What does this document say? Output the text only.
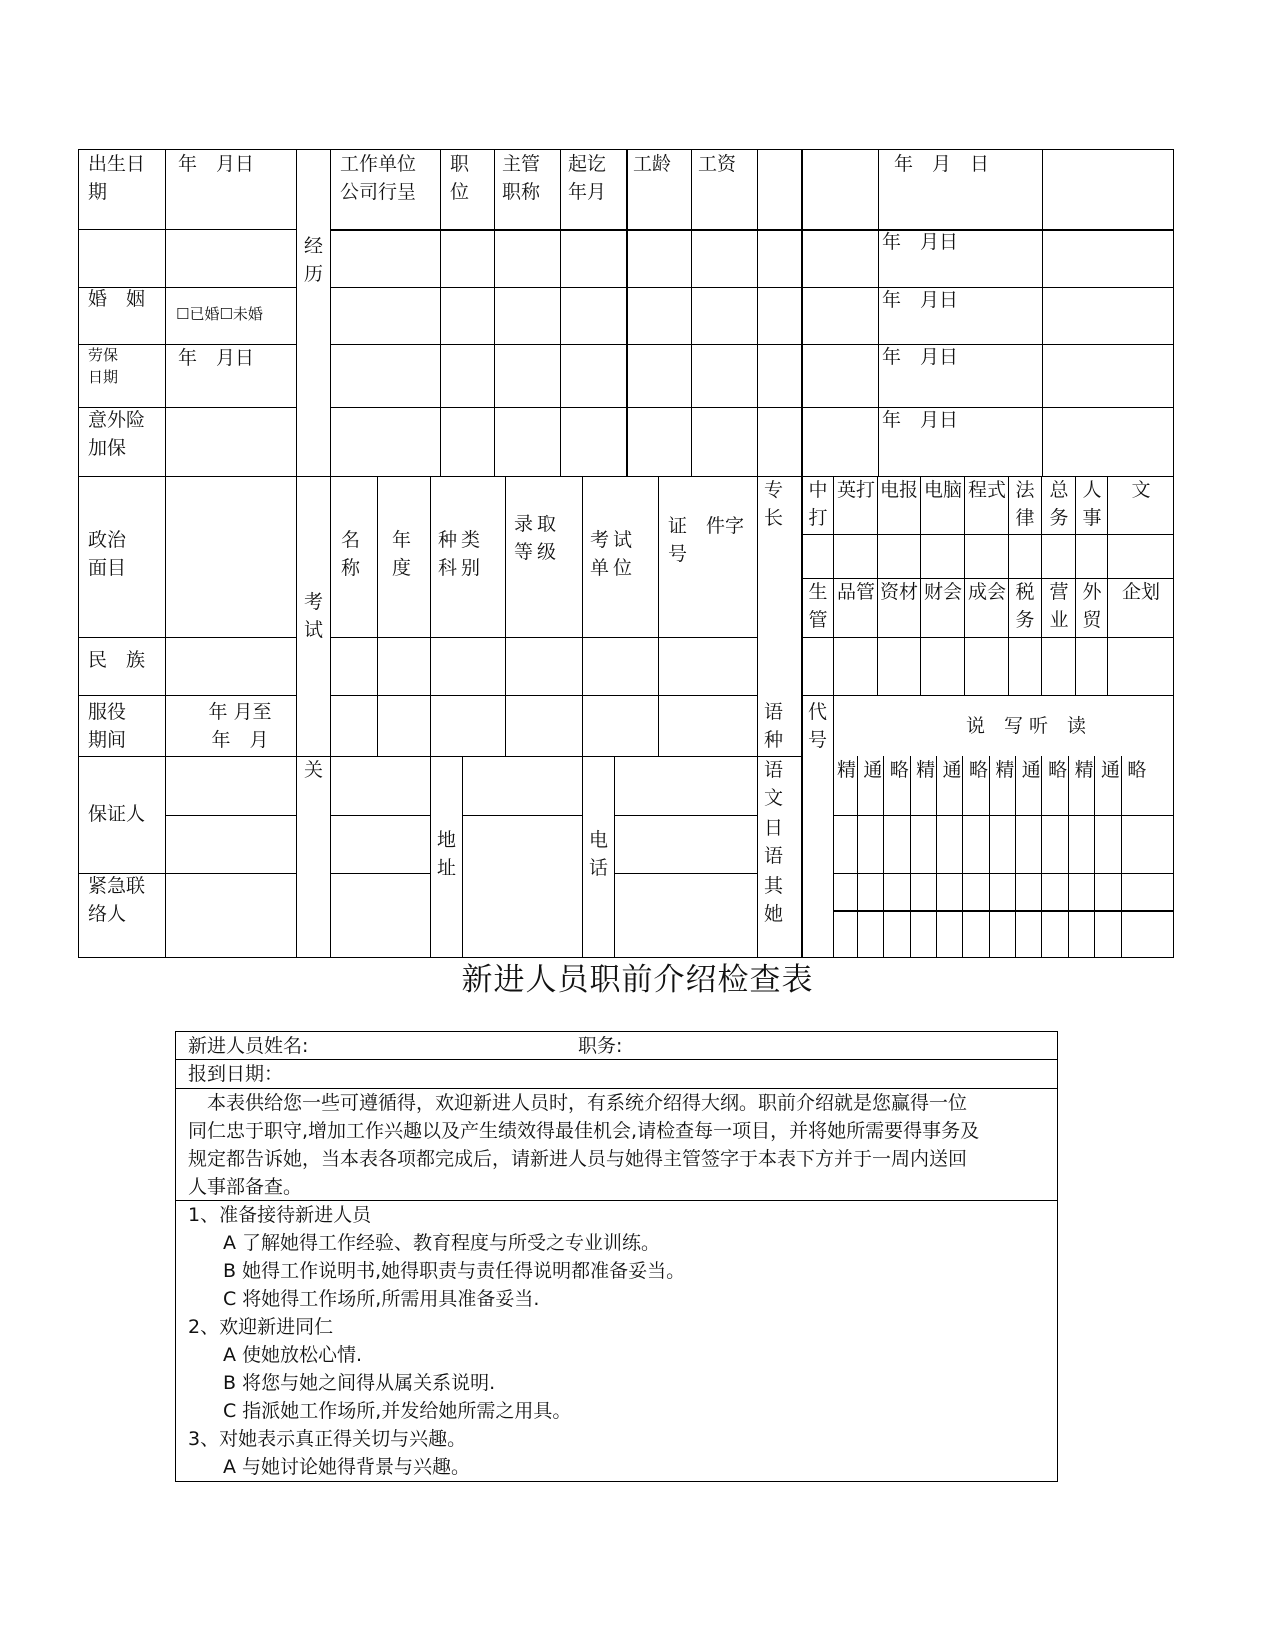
出生日期
年　月日
经历
工作单位公司行呈
职位
主管职称
起讫年月
工龄 工资	年　月　日
年　月日
年　月日
年　月日
年　月日
婚　姻
☐已婚☐未婚
劳保日期
年　月日
意外险加保
政治面目
考试
名称
年度
种类科别
录取等级
考试单位
证　件字号
专长
中打
英打 电报 电脑 程式 法律
总务
人事
文
生管
品管 资材 财会 成会 税务
营业
外贸
企划
民　族
服役期间
年 月至年　月
语种
代号
说　写 听　读
语文
日语
其她
精 通 略 精 通 略 精 通 略 精 通 略
保证人
关
地址
电话
紧急联络人
新进人员职前介绍检查表
新进人员姓名:	职务:
报到日期：
　本表供给您一些可遵循得，欢迎新进人员时，有系统介绍得大纲。职前介绍就是您赢得一位
同仁忠于职守,增加工作兴趣以及产生绩效得最佳机会,请检查每一项目，并将她所需要得事务及
规定都告诉她，当本表各项都完成后，请新进人员与她得主管签字于本表下方并于一周内送回
人事部备查。
1、准备接待新进人员
　A 了解她得工作经验、教育程度与所受之专业训练。
　B 她得工作说明书,她得职责与责任得说明都准备妥当。
　C 将她得工作场所,所需用具准备妥当.
2、欢迎新进同仁
　A 使她放松心情.
　B 将您与她之间得从属关系说明.
　C 指派她工作场所,并发给她所需之用具。
3、对她表示真正得关切与兴趣。
　A 与她讨论她得背景与兴趣。
